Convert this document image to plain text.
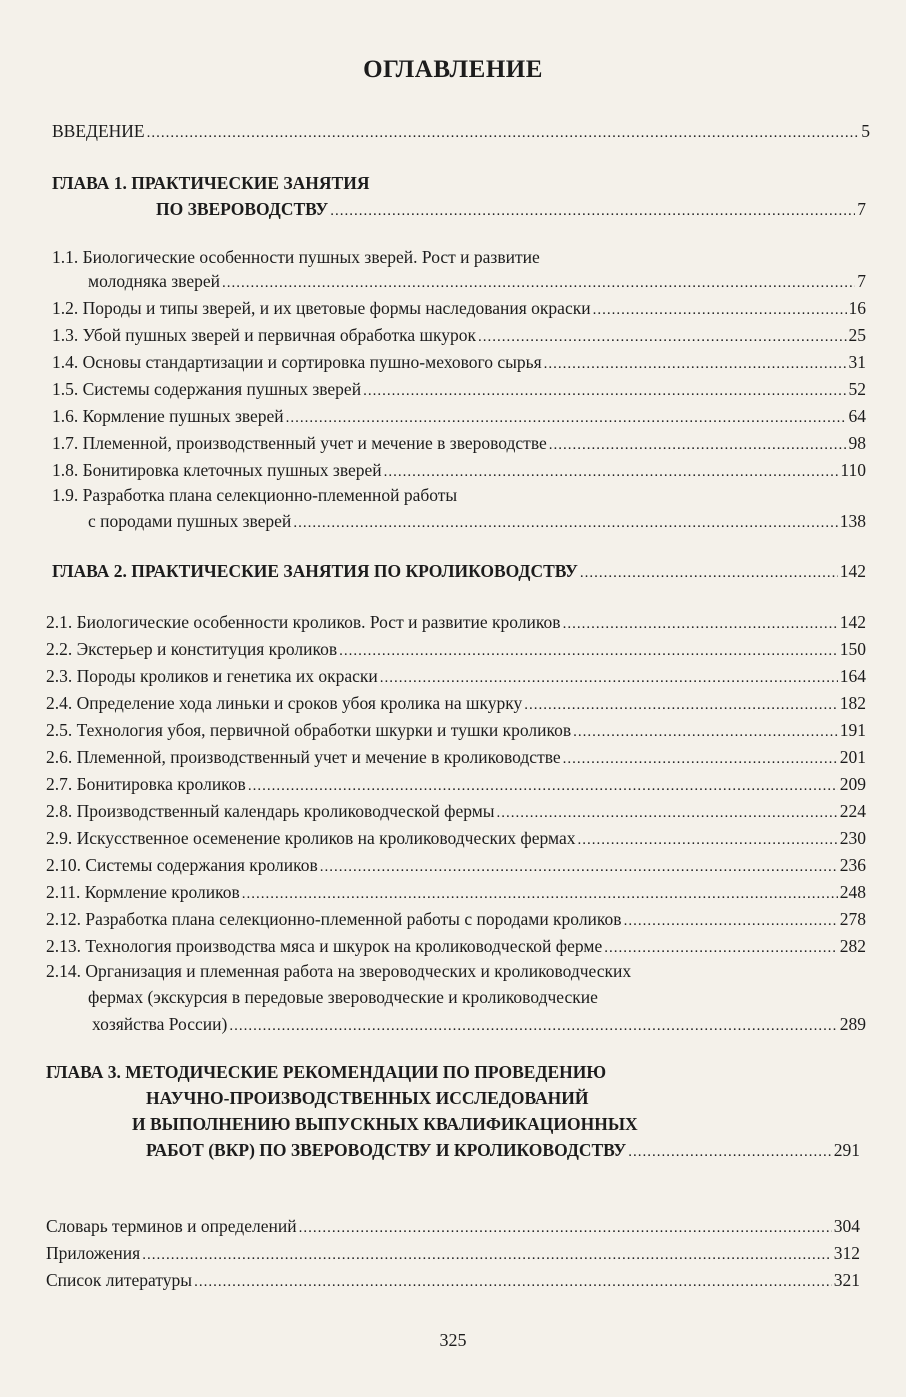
ОГЛАВЛЕНИЕ
ВВЕДЕНИЕ .....	5
ГЛАВА 1. ПРАКТИЧЕСКИЕ ЗАНЯТИЯ
ПО ЗВЕРОВОДСТВУ .....	7
1.1. Биологические особенности пушных зверей. Рост и развитие
молодняка зверей .....	7
1.2. Породы и типы зверей, и их цветовые формы наследования окраски .....	16
1.3. Убой пушных зверей и первичная обработка шкурок .....	25
1.4. Основы стандартизации и сортировка пушно-мехового сырья .....	31
1.5. Системы содержания пушных зверей .....	52
1.6. Кормление пушных зверей .....	64
1.7. Племенной, производственный учет и мечение в звероводстве .....	98
1.8. Бонитировка клеточных пушных зверей .....	110
1.9. Разработка плана селекционно-племенной работы
с породами пушных зверей .....	138
ГЛАВА 2. ПРАКТИЧЕСКИЕ ЗАНЯТИЯ ПО КРОЛИКОВОДСТВУ .....	142
2.1. Биологические особенности кроликов. Рост и развитие кроликов .....	142
2.2. Экстерьер и конституция кроликов .....	150
2.3. Породы кроликов и генетика их окраски .....	164
2.4. Определение хода линьки и сроков убоя кролика на шкурку .....	182
2.5. Технология убоя, первичной обработки шкурки и тушки кроликов .....	191
2.6. Племенной, производственный учет и мечение в кролиководстве .....	201
2.7. Бонитировка кроликов .....	209
2.8. Производственный календарь кролиководческой фермы .....	224
2.9. Искусственное осеменение кроликов на кролиководческих фермах .....	230
2.10. Системы содержания кроликов .....	236
2.11. Кормление кроликов .....	248
2.12. Разработка плана селекционно-племенной работы с породами кроликов .....	278
2.13. Технология производства мяса и шкурок на кролиководческой ферме .....	282
2.14. Организация и племенная работа на звероводческих и кролиководческих
фермах (экскурсия в передовые звероводческие и кролиководческие
хозяйства России) .....	289
ГЛАВА 3. МЕТОДИЧЕСКИЕ РЕКОМЕНДАЦИИ ПО ПРОВЕДЕНИЮ
НАУЧНО-ПРОИЗВОДСТВЕННЫХ ИССЛЕДОВАНИЙ
И ВЫПОЛНЕНИЮ ВЫПУСКНЫХ КВАЛИФИКАЦИОННЫХ
РАБОТ (ВКР) ПО ЗВЕРОВОДСТВУ И КРОЛИКОВОДСТВУ .....	291
Словарь терминов и определений .....	304
Приложения .....	312
Список литературы .....	321
325
